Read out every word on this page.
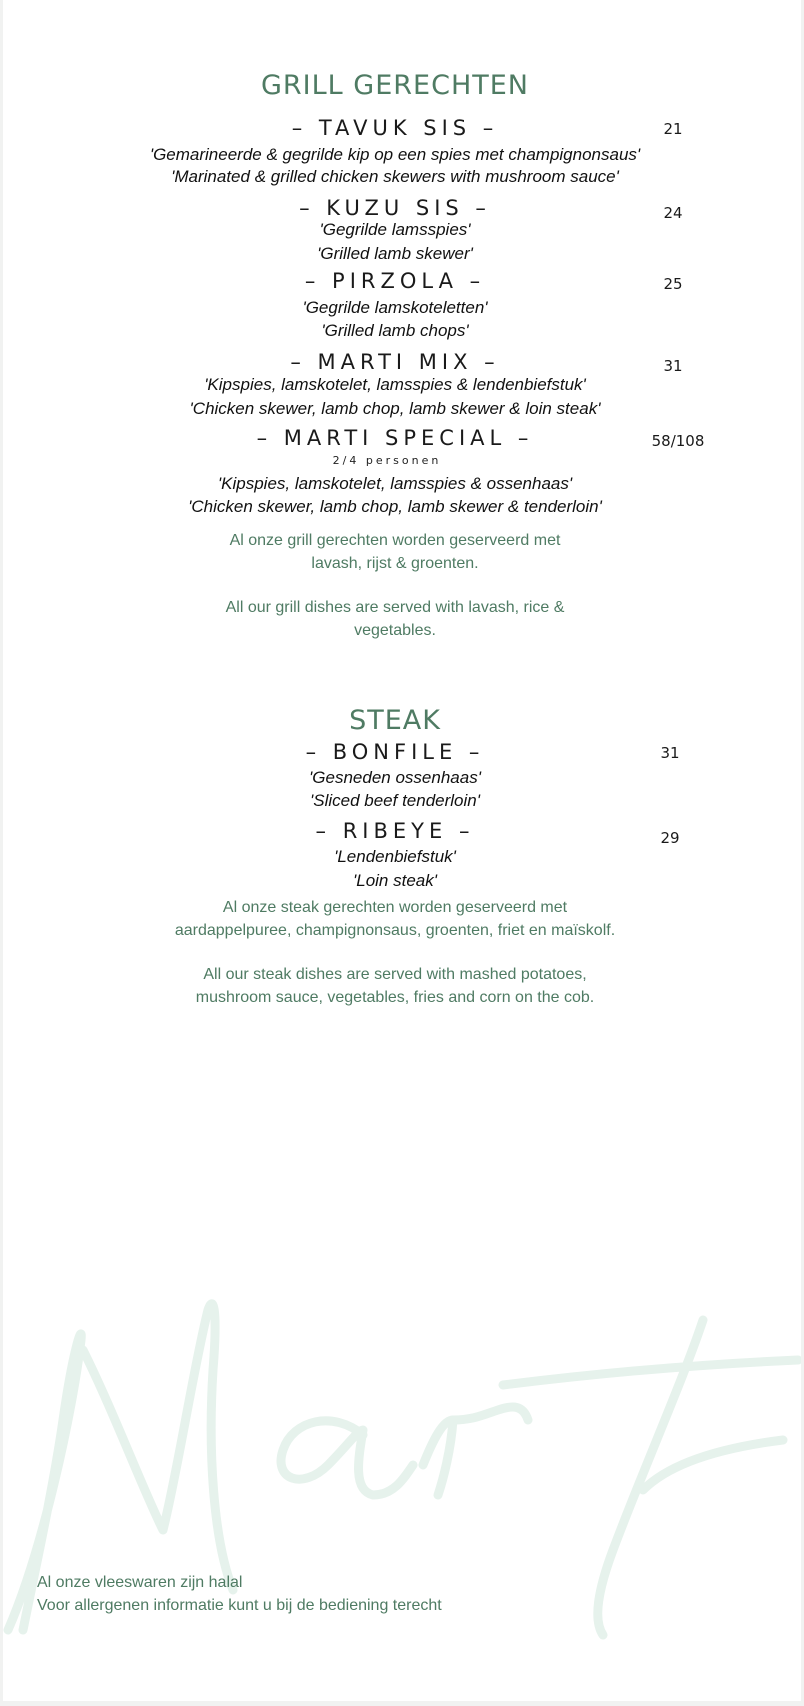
GRILL GERECHTEN
– TAVUK SIS –	21
'Gemarineerde & gegrilde kip op een spies met champignonsaus'
'Marinated & grilled chicken skewers with mushroom sauce'
– KUZU SIS –	24
'Gegrilde lamsspies'
'Grilled lamb skewer'
– PIRZOLA –	25
'Gegrilde lamskoteletten'
'Grilled lamb chops'
– MARTI MIX –	31
'Kipspies, lamskotelet, lamsspies & lendenbiefstuk'
'Chicken skewer, lamb chop, lamb skewer & loin steak'
– MARTI SPECIAL –	58/108
2/4 personen
'Kipspies, lamskotelet, lamsspies & ossenhaas'
'Chicken skewer, lamb chop, lamb skewer & tenderloin'
Al onze grill gerechten worden geserveerd met
lavash, rijst & groenten.
All our grill dishes are served with lavash, rice &
vegetables.
STEAK
– BONFILE –	31
'Gesneden ossenhaas'
'Sliced beef tenderloin'
– RIBEYE –	29
'Lendenbiefstuk'
'Loin steak'
Al onze steak gerechten worden geserveerd met
aardappelpuree, champignonsaus, groenten, friet en maïskolf.
All our steak dishes are served with mashed potatoes,
mushroom sauce, vegetables, fries and corn on the cob.
Al onze vleeswaren zijn halal
Voor allergenen informatie kunt u bij de bediening terecht
